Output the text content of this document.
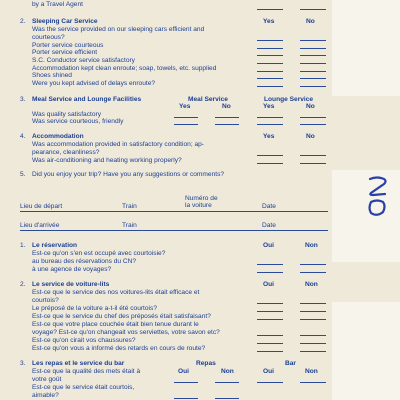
by a Travel Agent
2. Sleeping Car Service	Yes	No
Was the service provided on our sleeping cars efficient and
courteous?
Porter service courteous
Porter service efficient
S.C. Conductor service satisfactory
Accommodation kept clean enroute; soap, towels, etc. supplied
Shoes shined
Were you kept advised of delays enroute?
3. Meal Service and Lounge Facilities	Meal Service	Lounge Service
Yes	No	Yes	No
Was quality satisfactory
Was service courteous, friendly
4. Accommodation	Yes	No
Was accommodation provided in satisfactory condition; ap-
pearance, cleanliness?
Was air-conditioning and heating working properly?
5. Did you enjoy your trip? Have you any suggestions or comments?
Numéro de
la voiture
Lieu de départ	Train	Date
Lieu d'arrivée	Train	Date
1. Le réservation	Oui	Non
Est-ce qu'on s'en est occupé avec courtoisie?
au bureau des réservations du CN?
à une agence de voyages?
2. Le service de voiture-lits	Oui	Non
Est-ce que le service des nos voitures-lits était efficace et
courtois?
Le préposé de la voiture a-t-il été courtois?
Est-ce que le service du chef des préposés était satisfaisant?
Est-ce que votre place couchée était bien tenue durant le
voyage? Est-ce qu'on changeait vos serviettes, votre savon etc?
Est-ce qu'on cirait vos chaussures?
Est-ce qu'on vous a informé des retards en cours de route?
3. Les repas et le service du bar	Repas	Bar
Oui	Non	Oui	Non
Est-ce que la qualité des mets était à
votre goût
Est-ce que le service était courtois,
aimable?
